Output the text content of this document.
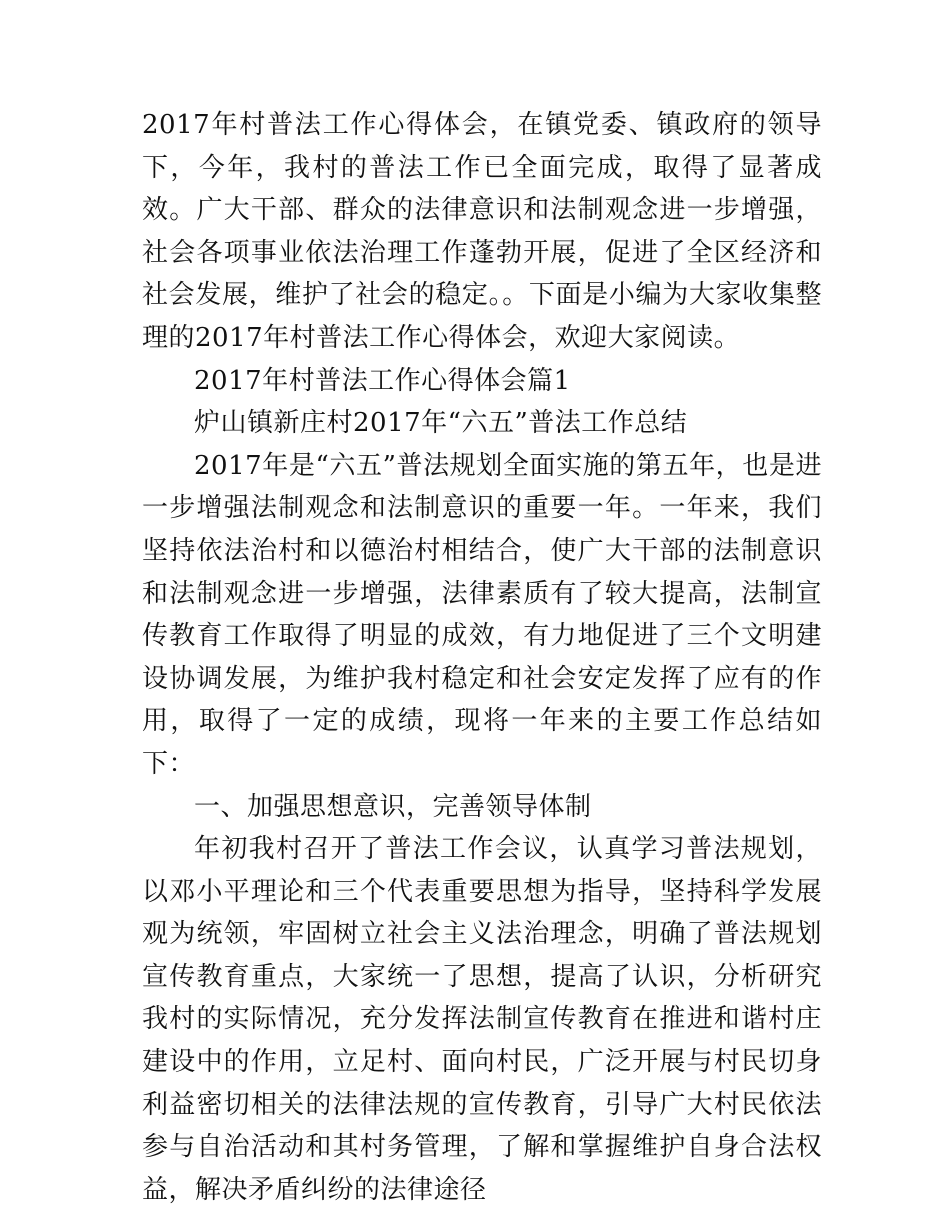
2017年村普法工作心得体会，在镇党委、镇政府的领导下，今年，我村的普法工作已全面完成，取得了显著成效。广大干部、群众的法律意识和法制观念进一步增强，社会各项事业依法治理工作蓬勃开展，促进了全区经济和社会发展，维护了社会的稳定。。下面是小编为大家收集整理的2017年村普法工作心得体会，欢迎大家阅读。

2017年村普法工作心得体会篇1

炉山镇新庄村2017年“六五”普法工作总结

2017年是“六五”普法规划全面实施的第五年，也是进一步增强法制观念和法制意识的重要一年。一年来，我们坚持依法治村和以德治村相结合，使广大干部的法制意识和法制观念进一步增强，法律素质有了较大提高，法制宣传教育工作取得了明显的成效，有力地促进了三个文明建设协调发展，为维护我村稳定和社会安定发挥了应有的作用，取得了一定的成绩，现将一年来的主要工作总结如下：

一、加强思想意识，完善领导体制

年初我村召开了普法工作会议，认真学习普法规划，以邓小平理论和三个代表重要思想为指导，坚持科学发展观为统领，牢固树立社会主义法治理念，明确了普法规划宣传教育重点，大家统一了思想，提高了认识，分析研究我村的实际情况，充分发挥法制宣传教育在推进和谐村庄建设中的作用，立足村、面向村民，广泛开展与村民切身利益密切相关的法律法规的宣传教育，引导广大村民依法参与自治活动和其村务管理，了解和掌握维护自身合法权益，解决矛盾纠纷的法律途径
